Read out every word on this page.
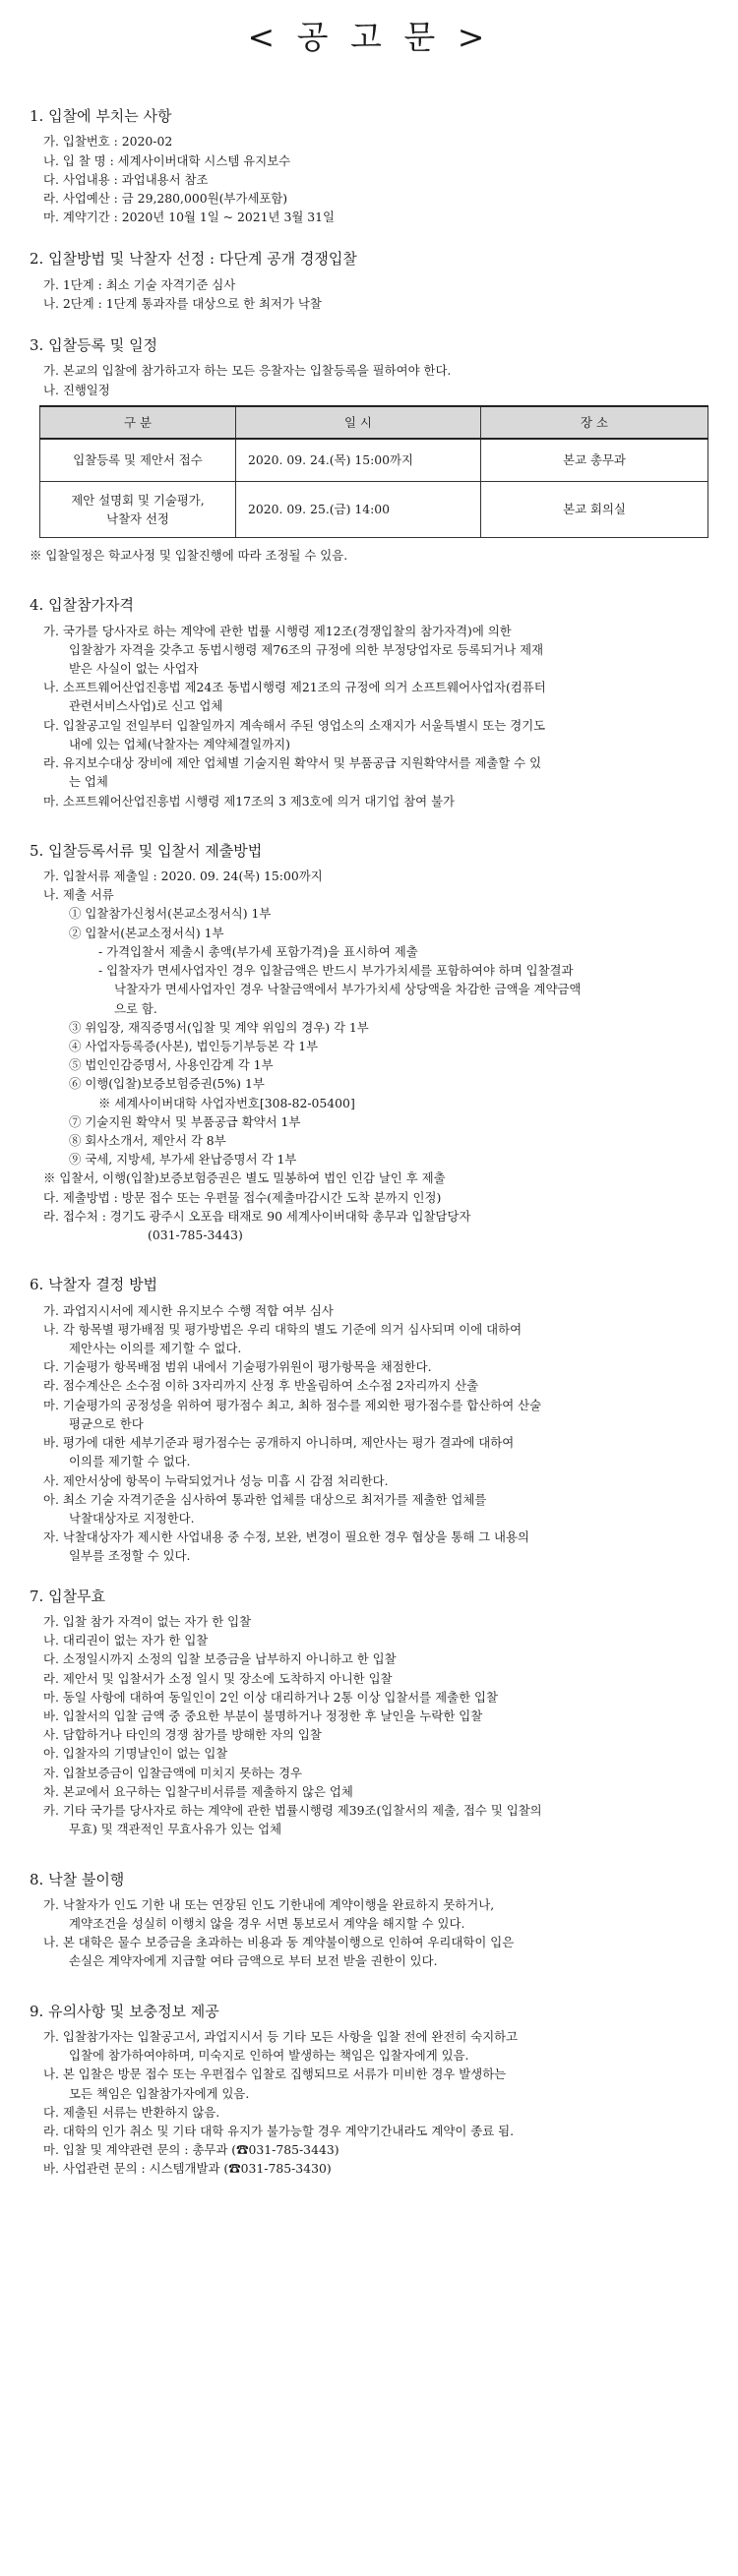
< 공 고 문 >
1. 입찰에 부치는 사항
가. 입찰번호 : 2020-02
나. 입 찰 명 : 세계사이버대학 시스템 유지보수
다. 사업내용 : 과업내용서 참조
라. 사업예산 : 금 29,280,000원(부가세포함)
마. 계약기간 : 2020년 10월 1일 ~ 2021년 3월 31일
2. 입찰방법 및 낙찰자 선정 : 다단계 공개 경쟁입찰
가. 1단계 : 최소 기술 자격기준 심사
나. 2단계 : 1단계 통과자를 대상으로 한 최저가 낙찰
3. 입찰등록 및 일정
가. 본교의 입찰에 참가하고자 하는 모든 응찰자는 입찰등록을 필하여야 한다.
나. 진행일정
구 분	일 시	장 소
입찰등록 및 제안서 접수	2020. 09. 24.(목) 15:00까지	본교 총무과
제안 설명회 및 기술평가,
낙찰자 선정	2020. 09. 25.(금) 14:00	본교 회의실
※ 입찰일정은 학교사정 및 입찰진행에 따라 조정될 수 있음.
4. 입찰참가자격
가. 국가를 당사자로 하는 계약에 관한 법률 시행령 제12조(경쟁입찰의 참가자격)에 의한
입찰참가 자격을 갖추고 동법시행령 제76조의 규정에 의한 부정당업자로 등록되거나 제재
받은 사실이 없는 사업자
나. 소프트웨어산업진흥법 제24조 동법시행령 제21조의 규정에 의거 소프트웨어사업자(컴퓨터
관련서비스사업)로 신고 업체
다. 입찰공고일 전일부터 입찰일까지 계속해서 주된 영업소의 소재지가 서울특별시 또는 경기도
내에 있는 업체(낙찰자는 계약체결일까지)
라. 유지보수대상 장비에 제안 업체별 기술지원 확약서 및 부품공급 지원확약서를 제출할 수 있
는 업체
마. 소프트웨어산업진흥법 시행령 제17조의 3 제3호에 의거 대기업 참여 불가
5. 입찰등록서류 및 입찰서 제출방법
가. 입찰서류 제출일 : 2020. 09. 24(목) 15:00까지
나. 제출 서류
① 입찰참가신청서(본교소정서식) 1부
② 입찰서(본교소정서식) 1부
- 가격입찰서 제출시 총액(부가세 포함가격)을 표시하여 제출
- 입찰자가 면세사업자인 경우 입찰금액은 반드시 부가가치세를 포함하여야 하며 입찰결과
낙찰자가 면세사업자인 경우 낙찰금액에서 부가가치세 상당액을 차감한 금액을 계약금액
으로 함.
③ 위임장, 재직증명서(입찰 및 계약 위임의 경우) 각 1부
④ 사업자등록증(사본), 법인등기부등본 각 1부
⑤ 법인인감증명서, 사용인감계 각 1부
⑥ 이행(입찰)보증보험증권(5%) 1부
※ 세계사이버대학 사업자번호[308-82-05400]
⑦ 기술지원 확약서 및 부품공급 확약서 1부
⑧ 회사소개서, 제안서 각 8부
⑨ 국세, 지방세, 부가세 완납증명서 각 1부
※ 입찰서, 이행(입찰)보증보험증권은 별도 밀봉하여 법인 인감 날인 후 제출
다. 제출방법 : 방문 접수 또는 우편물 접수(제출마감시간 도착 분까지 인정)
라. 접수처 : 경기도 광주시 오포읍 태재로 90 세계사이버대학 총무과 입찰담당자
(031-785-3443)
6. 낙찰자 결정 방법
가. 과업지시서에 제시한 유지보수 수행 적합 여부 심사
나. 각 항목별 평가배점 및 평가방법은 우리 대학의 별도 기준에 의거 심사되며 이에 대하여
제안사는 이의를 제기할 수 없다.
다. 기술평가 항목배점 범위 내에서 기술평가위원이 평가항목을 채점한다.
라. 점수계산은 소수점 이하 3자리까지 산정 후 반올림하여 소수점 2자리까지 산출
마. 기술평가의 공정성을 위하여 평가점수 최고, 최하 점수를 제외한 평가점수를 합산하여 산술
평균으로 한다
바. 평가에 대한 세부기준과 평가점수는 공개하지 아니하며, 제안사는 평가 결과에 대하여
이의를 제기할 수 없다.
사. 제안서상에 항목이 누락되었거나 성능 미흡 시 감점 처리한다.
아. 최소 기술 자격기준을 심사하여 통과한 업체를 대상으로 최저가를 제출한 업체를
낙찰대상자로 지정한다.
자. 낙찰대상자가 제시한 사업내용 중 수정, 보완, 변경이 필요한 경우 협상을 통해 그 내용의
일부를 조정할 수 있다.
7. 입찰무효
가. 입찰 참가 자격이 없는 자가 한 입찰
나. 대리권이 없는 자가 한 입찰
다. 소정일시까지 소정의 입찰 보증금을 납부하지 아니하고 한 입찰
라. 제안서 및 입찰서가 소정 일시 및 장소에 도착하지 아니한 입찰
마. 동일 사항에 대하여 동일인이 2인 이상 대리하거나 2통 이상 입찰서를 제출한 입찰
바. 입찰서의 입찰 금액 중 중요한 부분이 불명하거나 정정한 후 날인을 누락한 입찰
사. 담합하거나 타인의 경쟁 참가를 방해한 자의 입찰
아. 입찰자의 기명날인이 없는 입찰
자. 입찰보증금이 입찰금액에 미치지 못하는 경우
차. 본교에서 요구하는 입찰구비서류를 제출하지 않은 업체
카. 기타 국가를 당사자로 하는 계약에 관한 법률시행령 제39조(입찰서의 제출, 접수 및 입찰의
무효) 및 객관적인 무효사유가 있는 업체
8. 낙찰 불이행
가. 낙찰자가 인도 기한 내 또는 연장된 인도 기한내에 계약이행을 완료하지 못하거나,
계약조건을 성실히 이행치 않을 경우 서면 통보로서 계약을 해지할 수 있다.
나. 본 대학은 물수 보증금을 초과하는 비용과 동 계약불이행으로 인하여 우리대학이 입은
손실은 계약자에게 지급할 여타 금액으로 부터 보전 받을 권한이 있다.
9. 유의사항 및 보충정보 제공
가. 입찰참가자는 입찰공고서, 과업지시서 등 기타 모든 사항을 입찰 전에 완전히 숙지하고
입찰에 참가하여야하며, 미숙지로 인하여 발생하는 책임은 입찰자에게 있음.
나. 본 입찰은 방문 접수 또는 우편접수 입찰로 집행되므로 서류가 미비한 경우 발생하는
모든 책임은 입찰참가자에게 있음.
다. 제출된 서류는 반환하지 않음.
라. 대학의 인가 취소 및 기타 대학 유지가 불가능할 경우 계약기간내라도 계약이 종료 됨.
마. 입찰 및 계약관련 문의 : 총무과 (☎031-785-3443)
바. 사업관련 문의 : 시스템개발과 (☎031-785-3430)
